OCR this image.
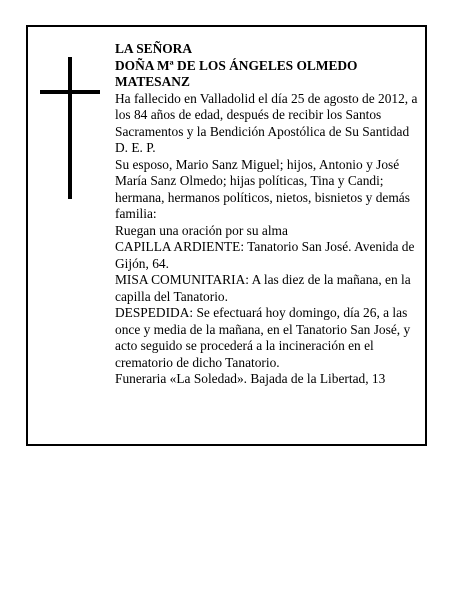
LA SEÑORA

DOÑA Mª DE LOS ÁNGELES OLMEDO MATESANZ

Ha fallecido en Valladolid el día 25 de agosto de 2012, a los 84 años de edad, después de recibir los Santos Sacramentos y la Bendición Apostólica de Su Santidad

D. E. P.

Su esposo, Mario Sanz Miguel; hijos, Antonio y José María Sanz Olmedo; hijas políticas, Tina y Candi; hermana, hermanos políticos, nietos, bisnietos y demás familia:

Ruegan una oración por su alma

CAPILLA ARDIENTE: Tanatorio San José. Avenida de Gijón, 64.

MISA COMUNITARIA: A las diez de la mañana, en la capilla del Tanatorio.

DESPEDIDA: Se efectuará hoy domingo, día 26, a las once y media de la mañana, en el Tanatorio San José, y acto seguido se procederá a la incineración en el crematorio de dicho Tanatorio.

Funeraria «La Soledad». Bajada de la Libertad, 13
